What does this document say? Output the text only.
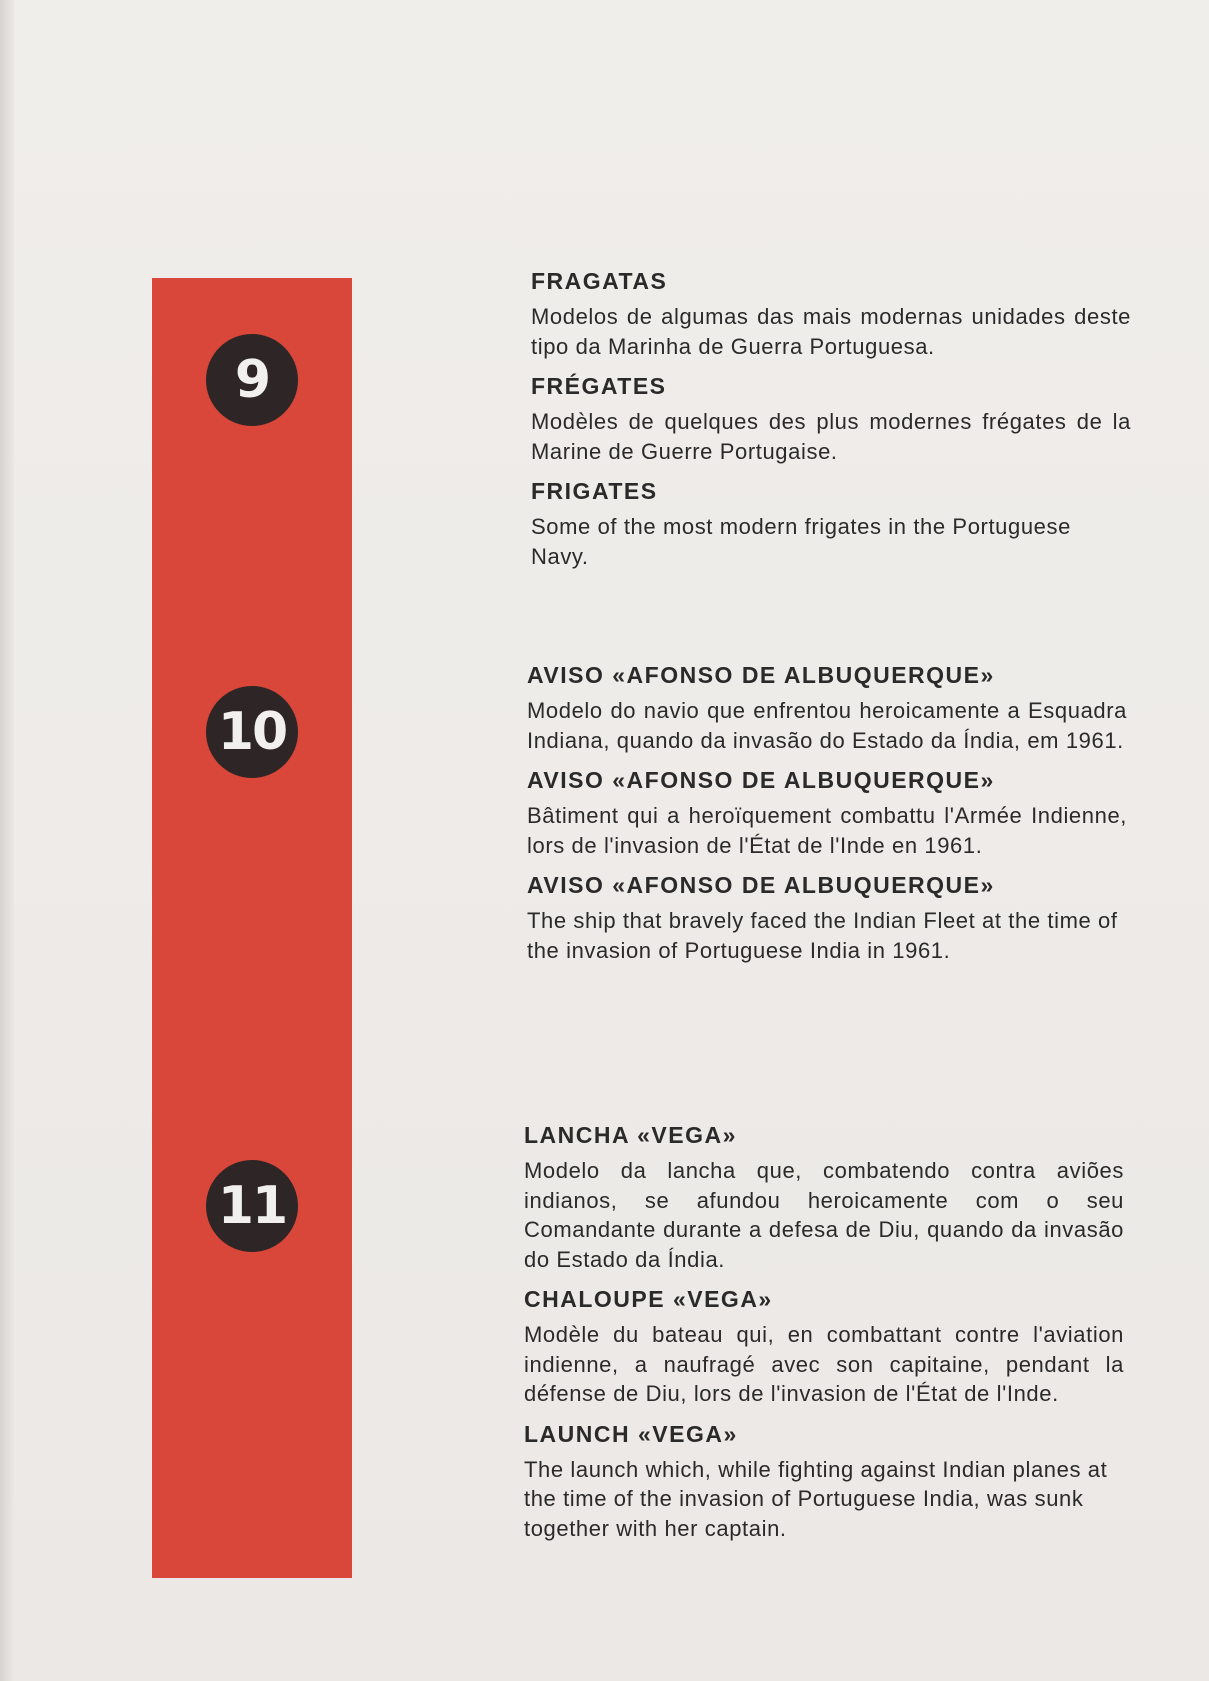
9
10
11
FRAGATAS
Modelos de algumas das mais modernas unidades deste tipo da Marinha de Guerra Portuguesa.
FRÉGATES
Modèles de quelques des plus modernes frégates de la Marine de Guerre Portugaise.
FRIGATES
Some of the most modern frigates in the Portuguese Navy.
AVISO «AFONSO DE ALBUQUERQUE»
Modelo do navio que enfrentou heroicamente a Esquadra Indiana, quando da invasão do Estado da Índia, em 1961.
AVISO «AFONSO DE ALBUQUERQUE»
Bâtiment qui a heroïquement combattu l'Armée Indienne, lors de l'invasion de l'État de l'Inde en 1961.
AVISO «AFONSO DE ALBUQUERQUE»
The ship that bravely faced the Indian Fleet at the time of the invasion of Portuguese India in 1961.
LANCHA «VEGA»
Modelo da lancha que, combatendo contra aviões indianos, se afundou heroicamente com o seu Comandante durante a defesa de Diu, quando da invasão do Estado da Índia.
CHALOUPE «VEGA»
Modèle du bateau qui, en combattant contre l'aviation indienne, a naufragé avec son capitaine, pendant la défense de Diu, lors de l'invasion de l'État de l'Inde.
LAUNCH «VEGA»
The launch which, while fighting against Indian planes at the time of the invasion of Portuguese India, was sunk together with her captain.
